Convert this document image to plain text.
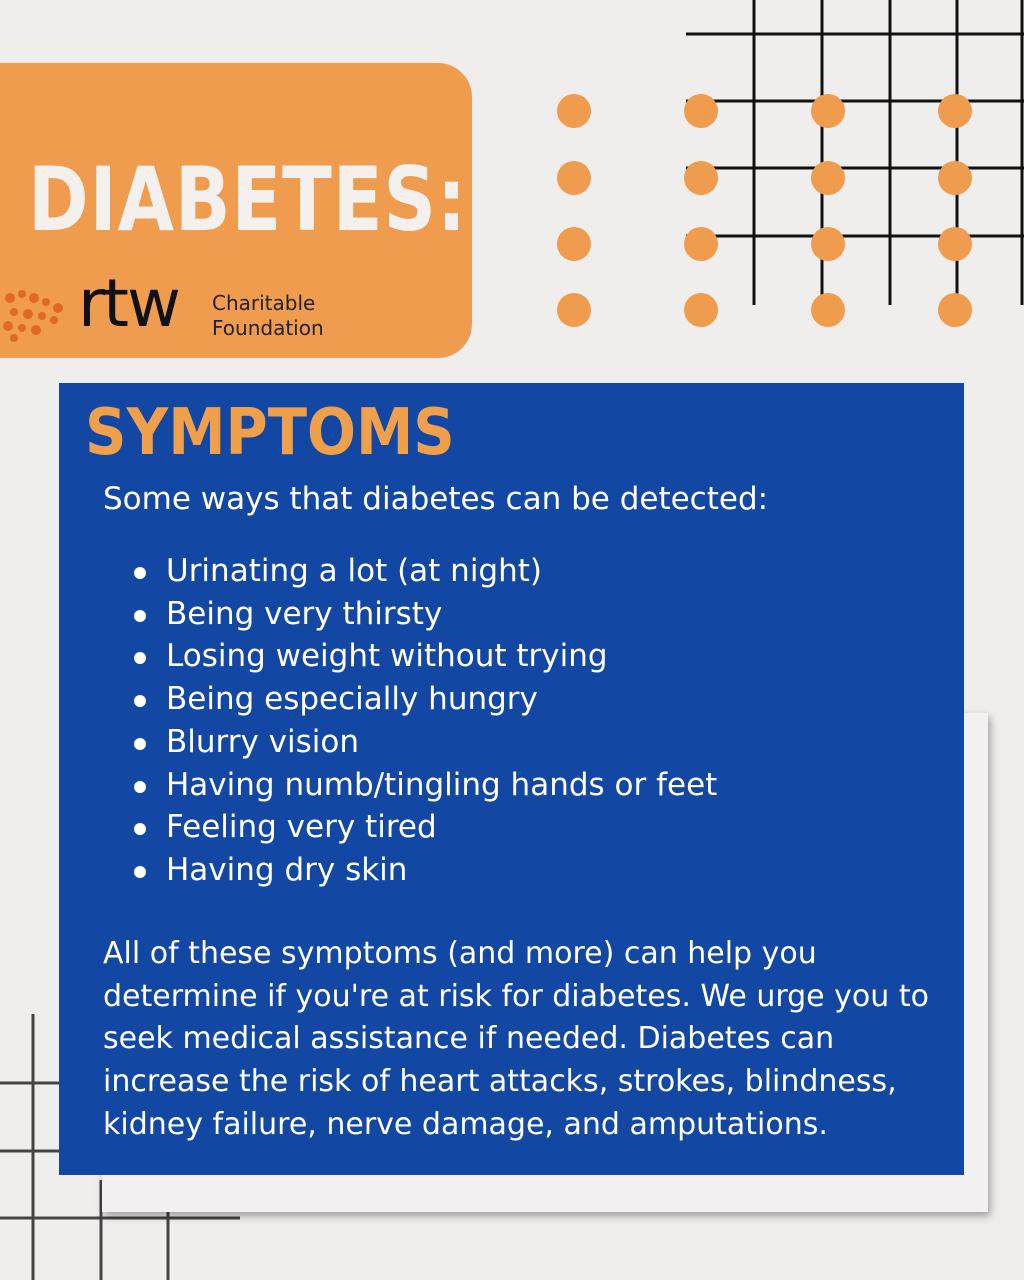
DIABETES:
rtw Charitable
Foundation
SYMPTOMS
Some ways that diabetes can be detected:
Urinating a lot (at night)
Being very thirsty
Losing weight without trying
Being especially hungry
Blurry vision
Having numb/tingling hands or feet
Feeling very tired
Having dry skin
All of these symptoms (and more) can help you determine if you're at risk for diabetes. We urge you to seek medical assistance if needed. Diabetes can increase the risk of heart attacks, strokes, blindness, kidney failure, nerve damage, and amputations.
